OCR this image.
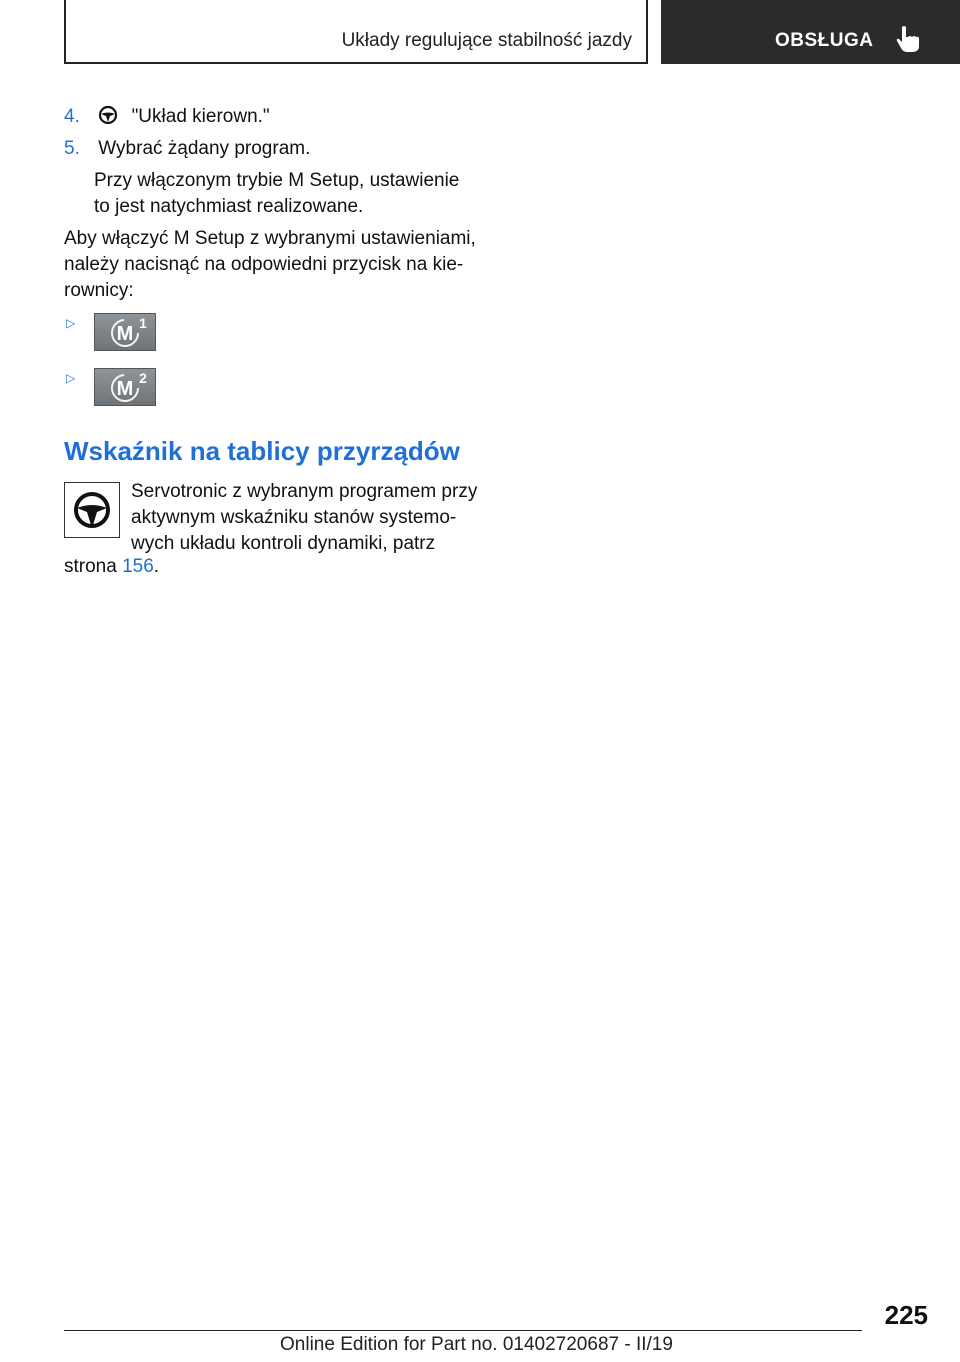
Układy regulujące stabilność jazdy	OBSŁUGA
4.	"Układ kierown."
5. Wybrać żądany program.
Przy włączonym trybie M Setup, ustawienie
to jest natychmiast realizowane.
Aby włączyć M Setup z wybranymi ustawieniami,
należy nacisnąć na odpowiedni przycisk na kie-
rownicy:
▷ M 1
▷ M 2
Wskaźnik na tablicy przyrządów
Servotronic z wybranym programem przy
aktywnym wskaźniku stanów systemo-
wych układu kontroli dynamiki, patrz
strona 156.
225
Online Edition for Part no. 01402720687 - II/19
